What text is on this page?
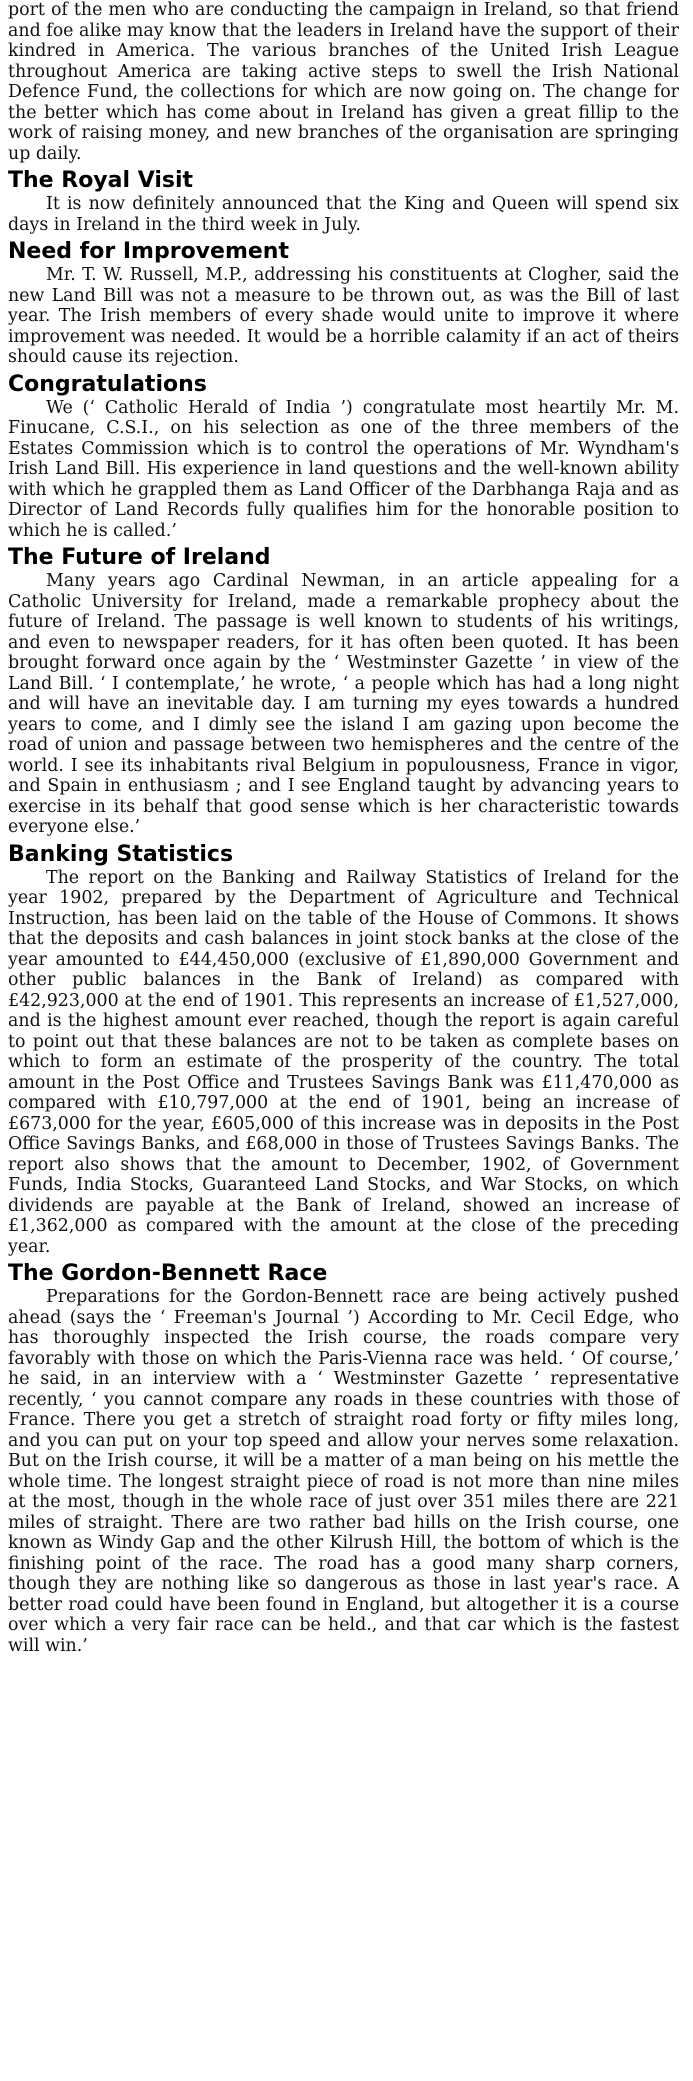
port of the men who are conducting the campaign in Ireland, so that friend and foe alike may know that the leaders in Ireland have the support of their kindred in America. The various branches of the United Irish League throughout America are taking active steps to swell the Irish National Defence Fund, the collections for which are now going on. The change for the better which has come about in Ireland has given a great fillip to the work of raising money, and new branches of the organisation are springing up daily.

The Royal Visit

It is now definitely announced that the King and Queen will spend six days in Ireland in the third week in July.

Need for Improvement

Mr. T. W. Russell, M.P., addressing his constituents at Clogher, said the new Land Bill was not a measure to be thrown out, as was the Bill of last year. The Irish members of every shade would unite to improve it where improvement was needed. It would be a horrible calamity if an act of theirs should cause its rejection.

Congratulations

We (‘ Catholic Herald of India ’) congratulate most heartily Mr. M. Finucane, C.S.I., on his selection as one of the three members of the Estates Commission which is to control the operations of Mr. Wyndham's Irish Land Bill. His experience in land questions and the well-known ability with which he grappled them as Land Officer of the Darbhanga Raja and as Director of Land Records fully qualifies him for the honorable position to which he is called.’

The Future of Ireland

Many years ago Cardinal Newman, in an article appealing for a Catholic University for Ireland, made a remarkable prophecy about the future of Ireland. The passage is well known to students of his writings, and even to newspaper readers, for it has often been quoted. It has been brought forward once again by the ‘ Westminster Gazette ’ in view of the Land Bill. ‘ I contemplate,’ he wrote, ‘ a people which has had a long night and will have an inevitable day. I am turning my eyes towards a hundred years to come, and I dimly see the island I am gazing upon become the road of union and passage between two hemispheres and the centre of the world. I see its inhabitants rival Belgium in populousness, France in vigor, and Spain in enthusiasm ; and I see England taught by advancing years to exercise in its behalf that good sense which is her characteristic towards everyone else.’

Banking Statistics

The report on the Banking and Railway Statistics of Ireland for the year 1902, prepared by the Department of Agriculture and Technical Instruction, has been laid on the table of the House of Commons. It shows that the deposits and cash balances in joint stock banks at the close of the year amounted to £44,450,000 (exclusive of £1,890,000 Government and other public balances in the Bank of Ireland) as compared with £42,923,000 at the end of 1901. This represents an increase of £1,527,000, and is the highest amount ever reached, though the report is again careful to point out that these balances are not to be taken as complete bases on which to form an estimate of the prosperity of the country. The total amount in the Post Office and Trustees Savings Bank was £11,470,000 as compared with £10,797,000 at the end of 1901, being an increase of £673,000 for the year, £605,000 of this increase was in deposits in the Post Office Savings Banks, and £68,000 in those of Trustees Savings Banks. The report also shows that the amount to December, 1902, of Government Funds, India Stocks, Guaranteed Land Stocks, and War Stocks, on which dividends are payable at the Bank of Ireland, showed an increase of £1,362,000 as compared with the amount at the close of the preceding year.

The Gordon-Bennett Race

Preparations for the Gordon-Bennett race are being actively pushed ahead (says the ‘ Freeman's Journal ’) According to Mr. Cecil Edge, who has thoroughly inspected the Irish course, the roads compare very favorably with those on which the Paris-Vienna race was held. ‘ Of course,’ he said, in an interview with a ‘ Westminster Gazette ’ representative recently, ‘ you cannot compare any roads in these countries with those of France. There you get a stretch of straight road forty or fifty miles long, and you can put on your top speed and allow your nerves some relaxation. But on the Irish course, it will be a matter of a man being on his mettle the whole time. The longest straight piece of road is not more than nine miles at the most, though in the whole race of just over 351 miles there are 221 miles of straight. There are two rather bad hills on the Irish course, one known as Windy Gap and the other Kilrush Hill, the bottom of which is the finishing point of the race. The road has a good many sharp corners, though they are nothing like so dangerous as those in last year's race. A better road could have been found in England, but altogether it is a course over which a very fair race can be held., and that car which is the fastest will win.’
